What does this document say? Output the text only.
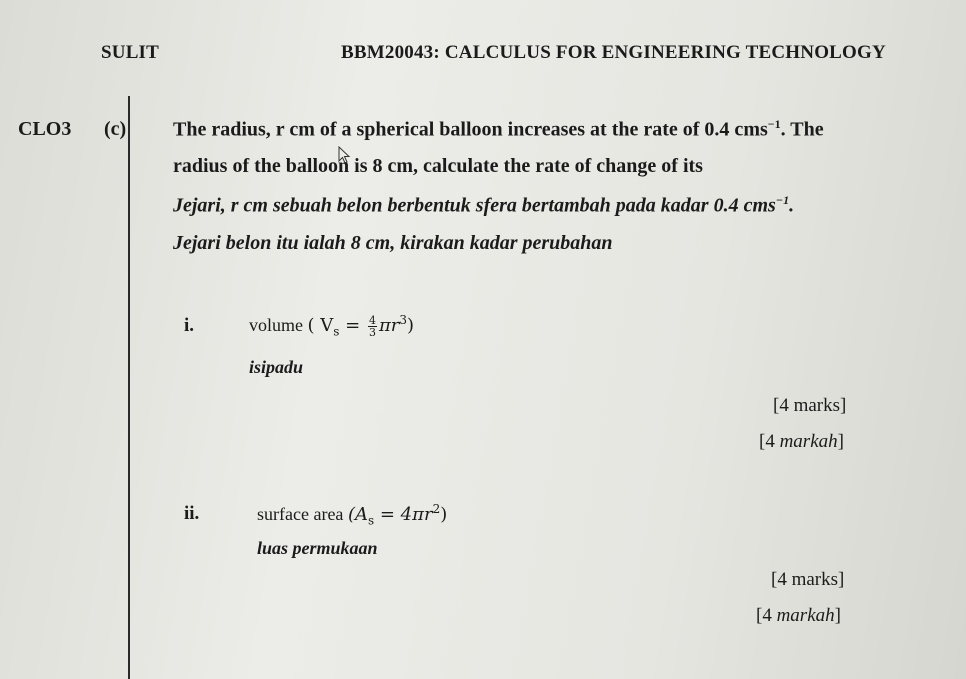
SULIT	BBM20043: CALCULUS FOR ENGINEERING TECHNOLOGY
CLO3 (c) The radius, r cm of a spherical balloon increases at the rate of 0.4 cms$^{-1}$. The
radius of the balloon is 8 cm, calculate the rate of change of its
Jejari, r cm sebuah belon berbentuk sfera bertambah pada kadar 0.4 cms$^{-1}$.
Jejari belon itu ialah 8 cm, kirakan kadar perubahan
i.	volume ( $V_s = \frac{4}{3} \pi r^3$)
isipadu
[4 marks]
[4 markah]
ii.	surface area $(A_s = 4\pi r^2)$
luas permukaan
[4 marks]
[4 markah]
